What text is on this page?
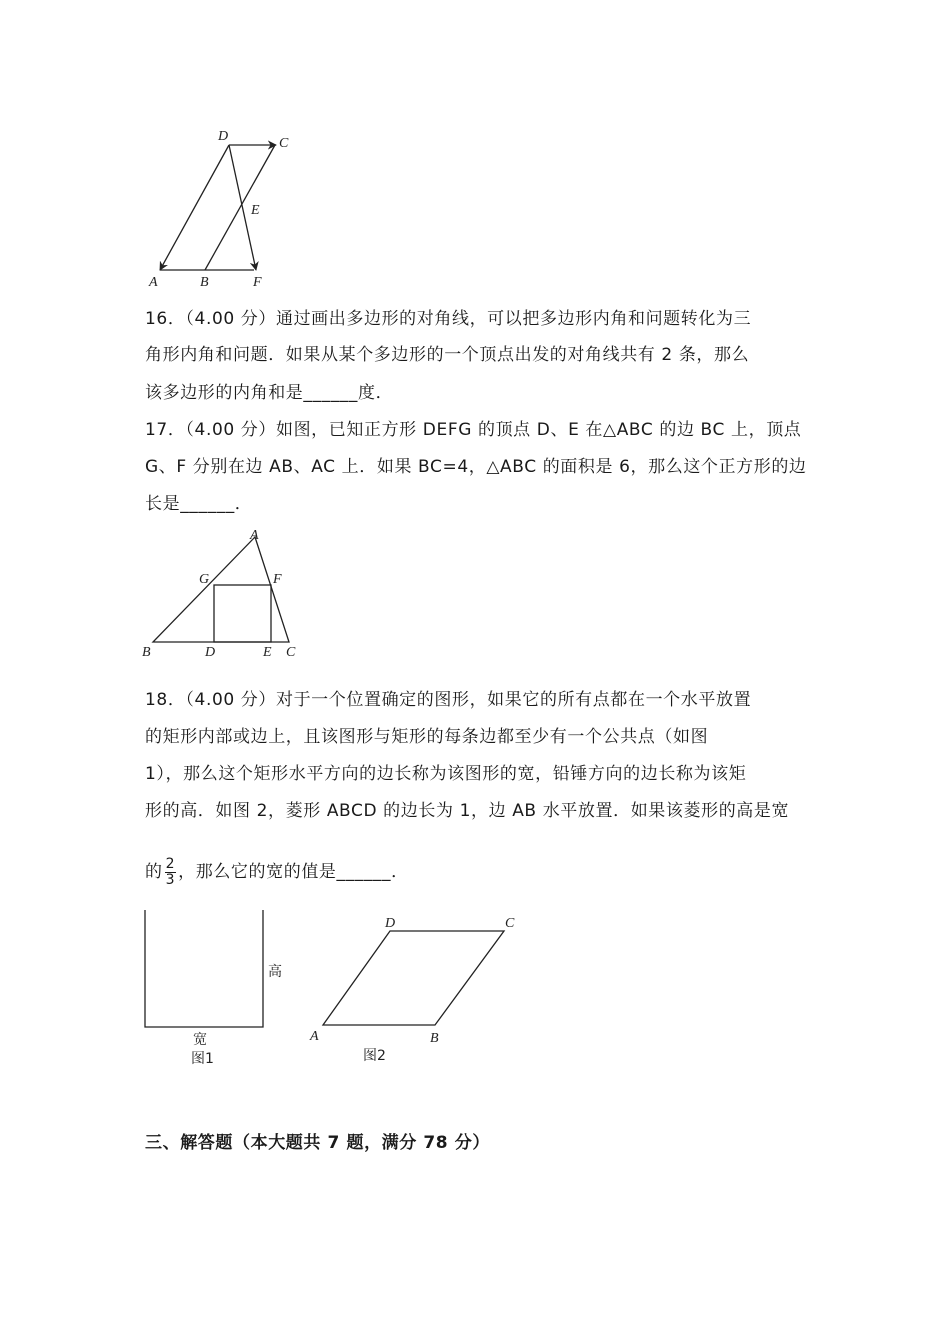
D	C
E
A	B	F
16．（4.00 分）通过画出多边形的对角线，可以把多边形内角和问题转化为三
角形内角和问题．如果从某个多边形的一个顶点出发的对角线共有 2 条，那么
该多边形的内角和是______度．
17．（4.00 分）如图，已知正方形 DEFG 的顶点 D、E 在△ABC 的边 BC 上，顶点
G、F 分别在边 AB、AC 上．如果 BC=4，△ABC 的面积是 6，那么这个正方形的边
长是______．
A
G	F
B	D	E C
18．（4.00 分）对于一个位置确定的图形，如果它的所有点都在一个水平放置
的矩形内部或边上，且该图形与矩形的每条边都至少有一个公共点（如图
1），那么这个矩形水平方向的边长称为该图形的宽，铅锤方向的边长称为该矩
形的高．如图 2，菱形 ABCD 的边长为 1，边 AB 水平放置．如果该菱形的高是宽
的 $\frac{2}{3}$ ，那么它的宽的值是______．
高
宽
图1
D	C
A	B
图2
三、解答题（本大题共 7 题，满分 78 分）
